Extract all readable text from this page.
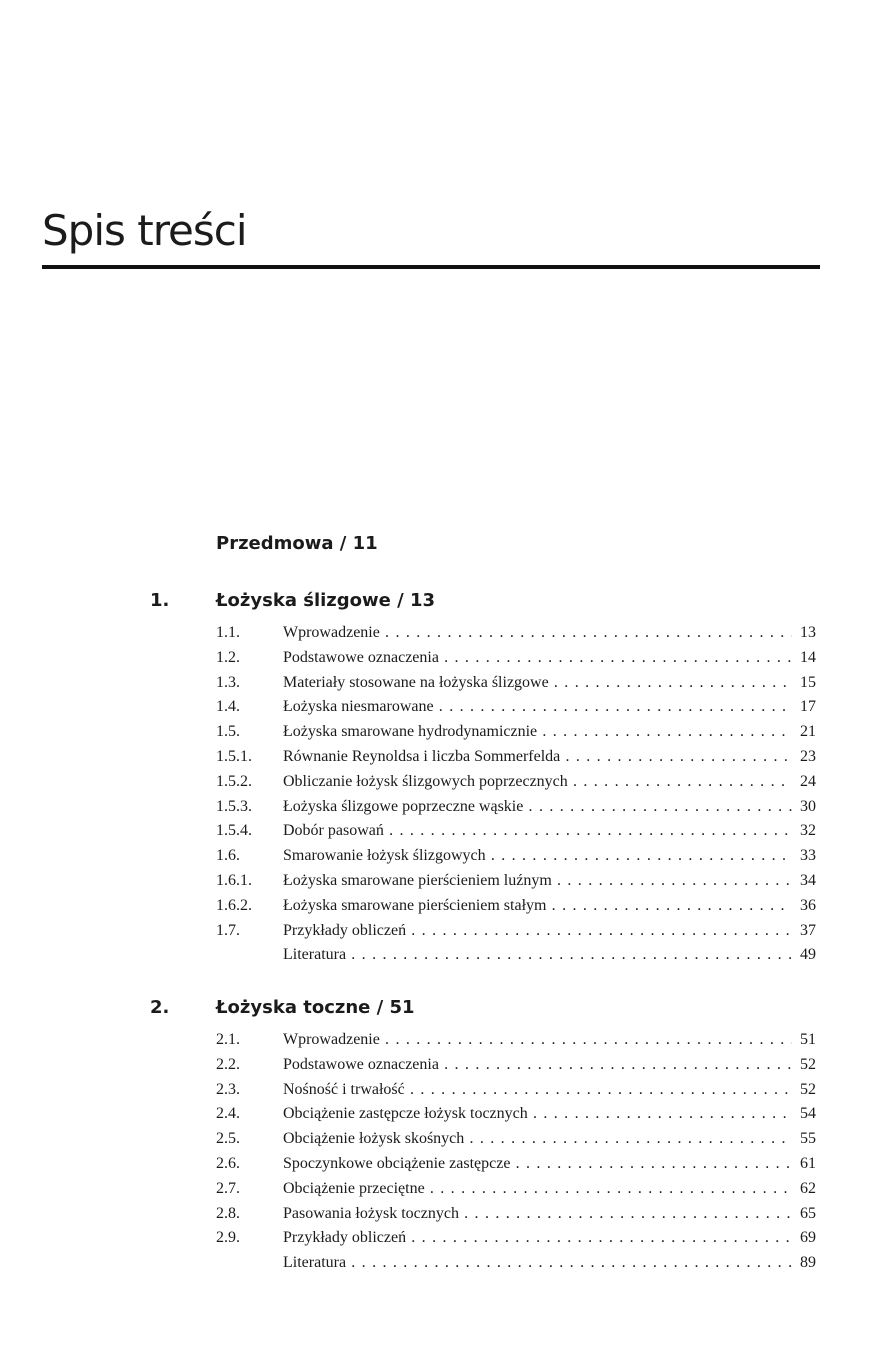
Spis treści
Przedmowa / 11
1.	Łożyska ślizgowe / 13
1.1.	Wprowadzenie . . .	13
1.2.	Podstawowe oznaczenia . . .	14
1.3.	Materiały stosowane na łożyska ślizgowe . . .	15
1.4.	Łożyska niesmarowane . . .	17
1.5.	Łożyska smarowane hydrodynamicznie . . .	21
1.5.1. Równanie Reynoldsa i liczba Sommerfelda . . .	23
1.5.2. Obliczanie łożysk ślizgowych poprzecznych . . .	24
1.5.3. Łożyska ślizgowe poprzeczne wąskie . . .	30
1.5.4. Dobór pasowań . . .	32
1.6.	Smarowanie łożysk ślizgowych . . .	33
1.6.1. Łożyska smarowane pierścieniem luźnym . . .	34
1.6.2. Łożyska smarowane pierścieniem stałym . . .	36
1.7.	Przykłady obliczeń . . .	37
Literatura . . .	49
2.	Łożyska toczne / 51
2.1.	Wprowadzenie . . .	51
2.2.	Podstawowe oznaczenia . . .	52
2.3.	Nośność i trwałość . . .	52
2.4.	Obciążenie zastępcze łożysk tocznych . . .	54
2.5.	Obciążenie łożysk skośnych . . .	55
2.6.	Spoczynkowe obciążenie zastępcze . . .	61
2.7.	Obciążenie przeciętne . . .	62
2.8.	Pasowania łożysk tocznych . . .	65
2.9.	Przykłady obliczeń . . .	69
Literatura . . .	89
